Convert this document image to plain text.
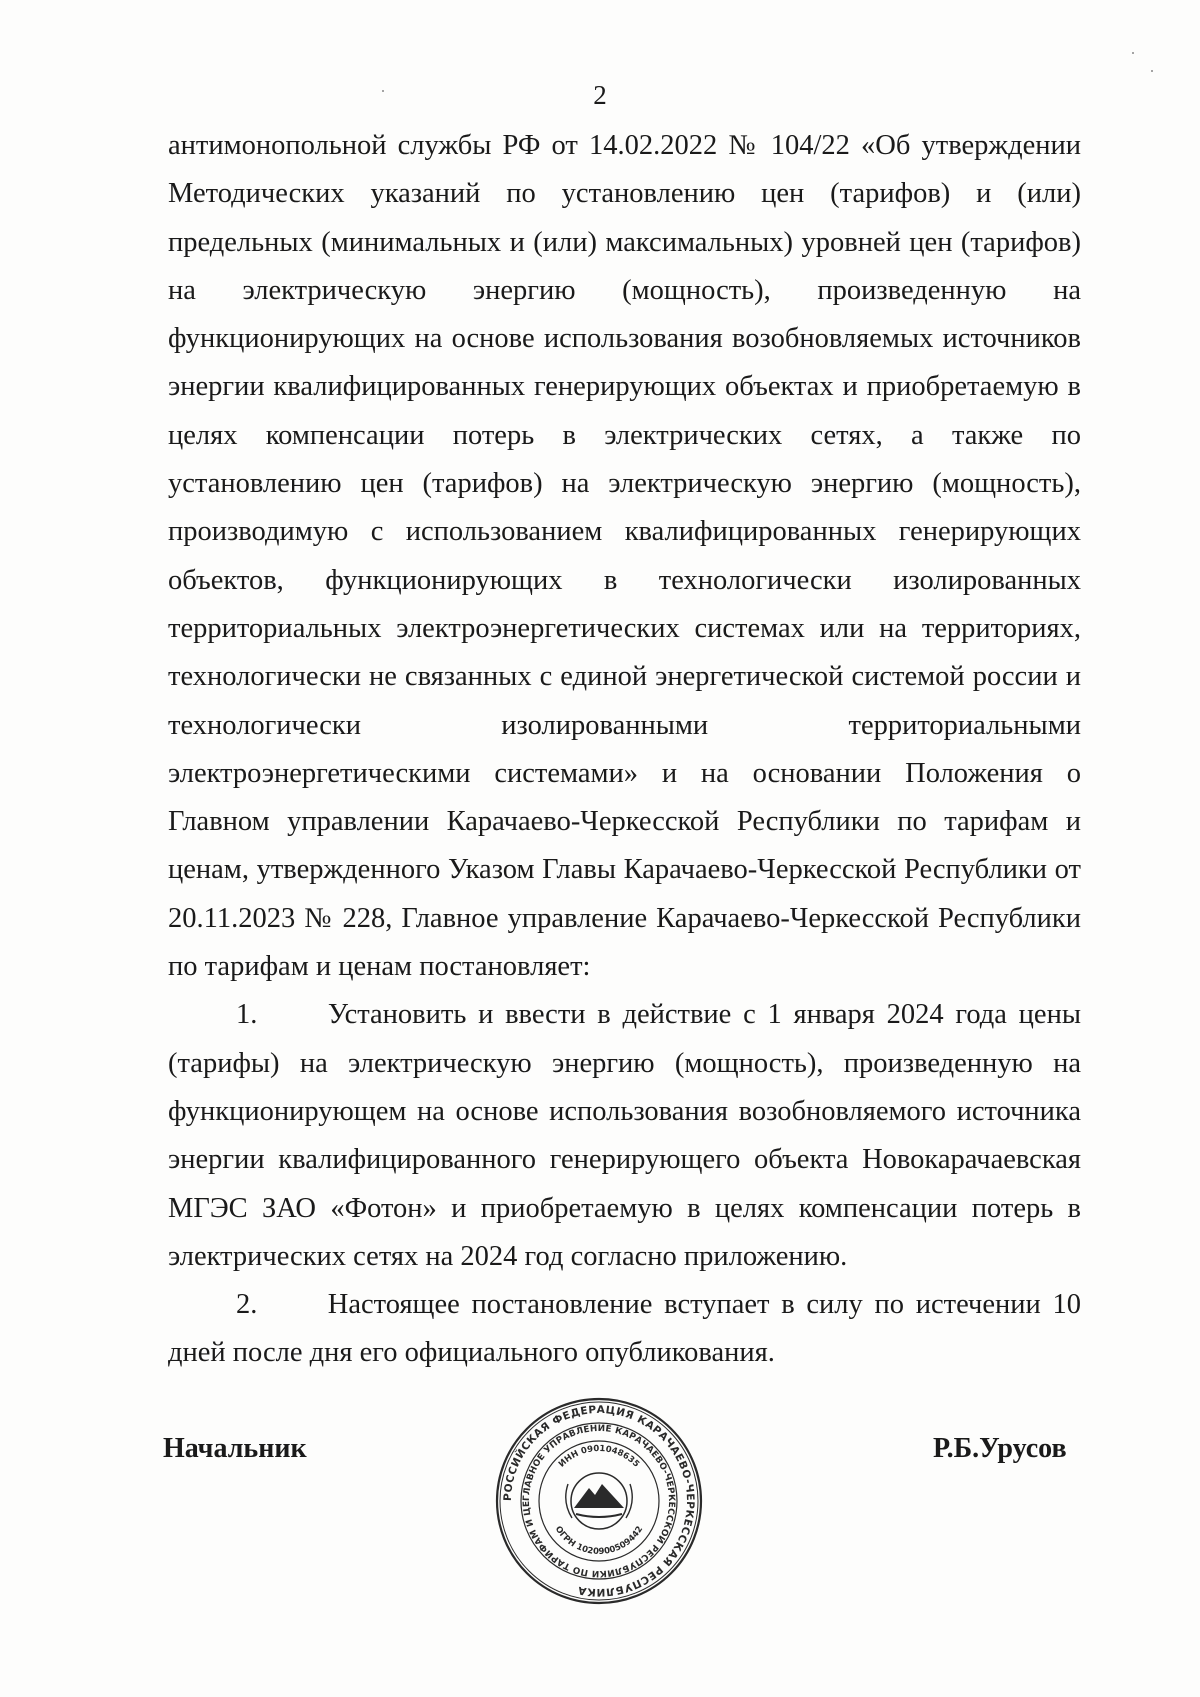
2
антимонопольной службы РФ от 14.02.2022 № 104/22 «Об утверждении
Методических указаний по установлению цен (тарифов) и (или)
предельных (минимальных и (или) максимальных) уровней цен (тарифов)
на электрическую энергию (мощность), произведенную на
функционирующих на основе использования возобновляемых источников
энергии квалифицированных генерирующих объектах и приобретаемую в
целях компенсации потерь в электрических сетях, а также по
установлению цен (тарифов) на электрическую энергию (мощность),
производимую с использованием квалифицированных генерирующих
объектов, функционирующих в технологически изолированных
территориальных электроэнергетических системах или на территориях,
технологически не связанных с единой энергетической системой россии и
технологически изолированными территориальными
электроэнергетическими системами» и на основании Положения о
Главном управлении Карачаево-Черкесской Республики по тарифам и
ценам, утвержденного Указом Главы Карачаево-Черкесской Республики от
20.11.2023 № 228, Главное управление Карачаево-Черкесской Республики
по тарифам и ценам постановляет:
1.      Установить и ввести в действие с 1 января 2024 года цены
(тарифы) на электрическую энергию (мощность), произведенную на
функционирующем на основе использования возобновляемого источника
энергии квалифицированного генерирующего объекта Новокарачаевская
МГЭС ЗАО «Фотон» и приобретаемую в целях компенсации потерь в
электрических сетях на 2024 год согласно приложению.
2.      Настоящее постановление вступает в силу по истечении 10
дней после дня его официального опубликования.
Начальник	Р.Б.Урусов
РОССИЙСКАЯ ФЕДЕРАЦИЯ КАРАЧАЕВО-ЧЕРКЕССКАЯ РЕСПУБЛИКА
ГЛАВНОЕ УПРАВЛЕНИЕ КАРАЧАЕВО-ЧЕРКЕССКОЙ РЕСПУБЛИКИ ПО ТАРИФАМ И ЦЕ
ИНН 0901048635
ОГРН 1020900509442
